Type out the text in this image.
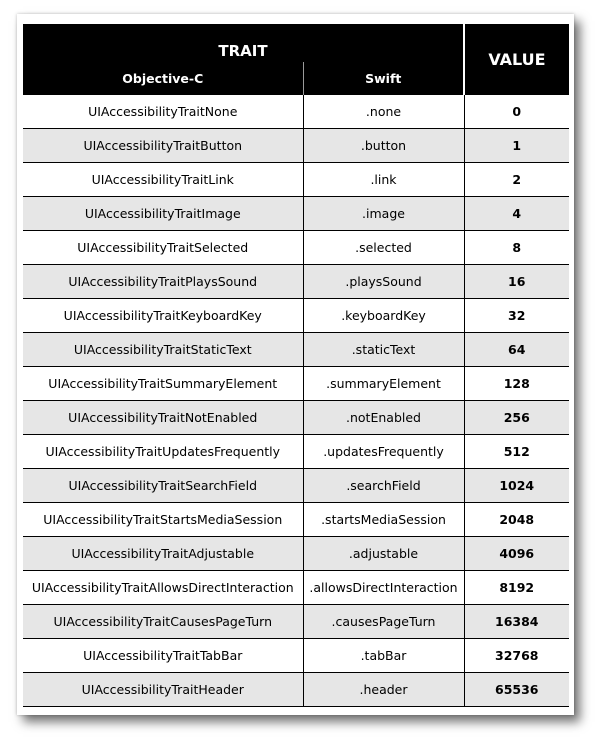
TRAIT		VALUE
Objective-C	Swift	
UIAccessibilityTraitNone	.none	0
UIAccessibilityTraitButton	.button	1
UIAccessibilityTraitLink	.link	2
UIAccessibilityTraitImage	.image	4
UIAccessibilityTraitSelected	.selected	8
UIAccessibilityTraitPlaysSound	.playsSound	16
UIAccessibilityTraitKeyboardKey	.keyboardKey	32
UIAccessibilityTraitStaticText	.staticText	64
UIAccessibilityTraitSummaryElement	.summaryElement	128
UIAccessibilityTraitNotEnabled	.notEnabled	256
UIAccessibilityTraitUpdatesFrequently	.updatesFrequently	512
UIAccessibilityTraitSearchField	.searchField	1024
UIAccessibilityTraitStartsMediaSession	.startsMediaSession	2048
UIAccessibilityTraitAdjustable	.adjustable	4096
UIAccessibilityTraitAllowsDirectInteraction	.allowsDirectInteraction	8192
UIAccessibilityTraitCausesPageTurn	.causesPageTurn	16384
UIAccessibilityTraitTabBar	.tabBar	32768
UIAccessibilityTraitHeader	.header	65536
